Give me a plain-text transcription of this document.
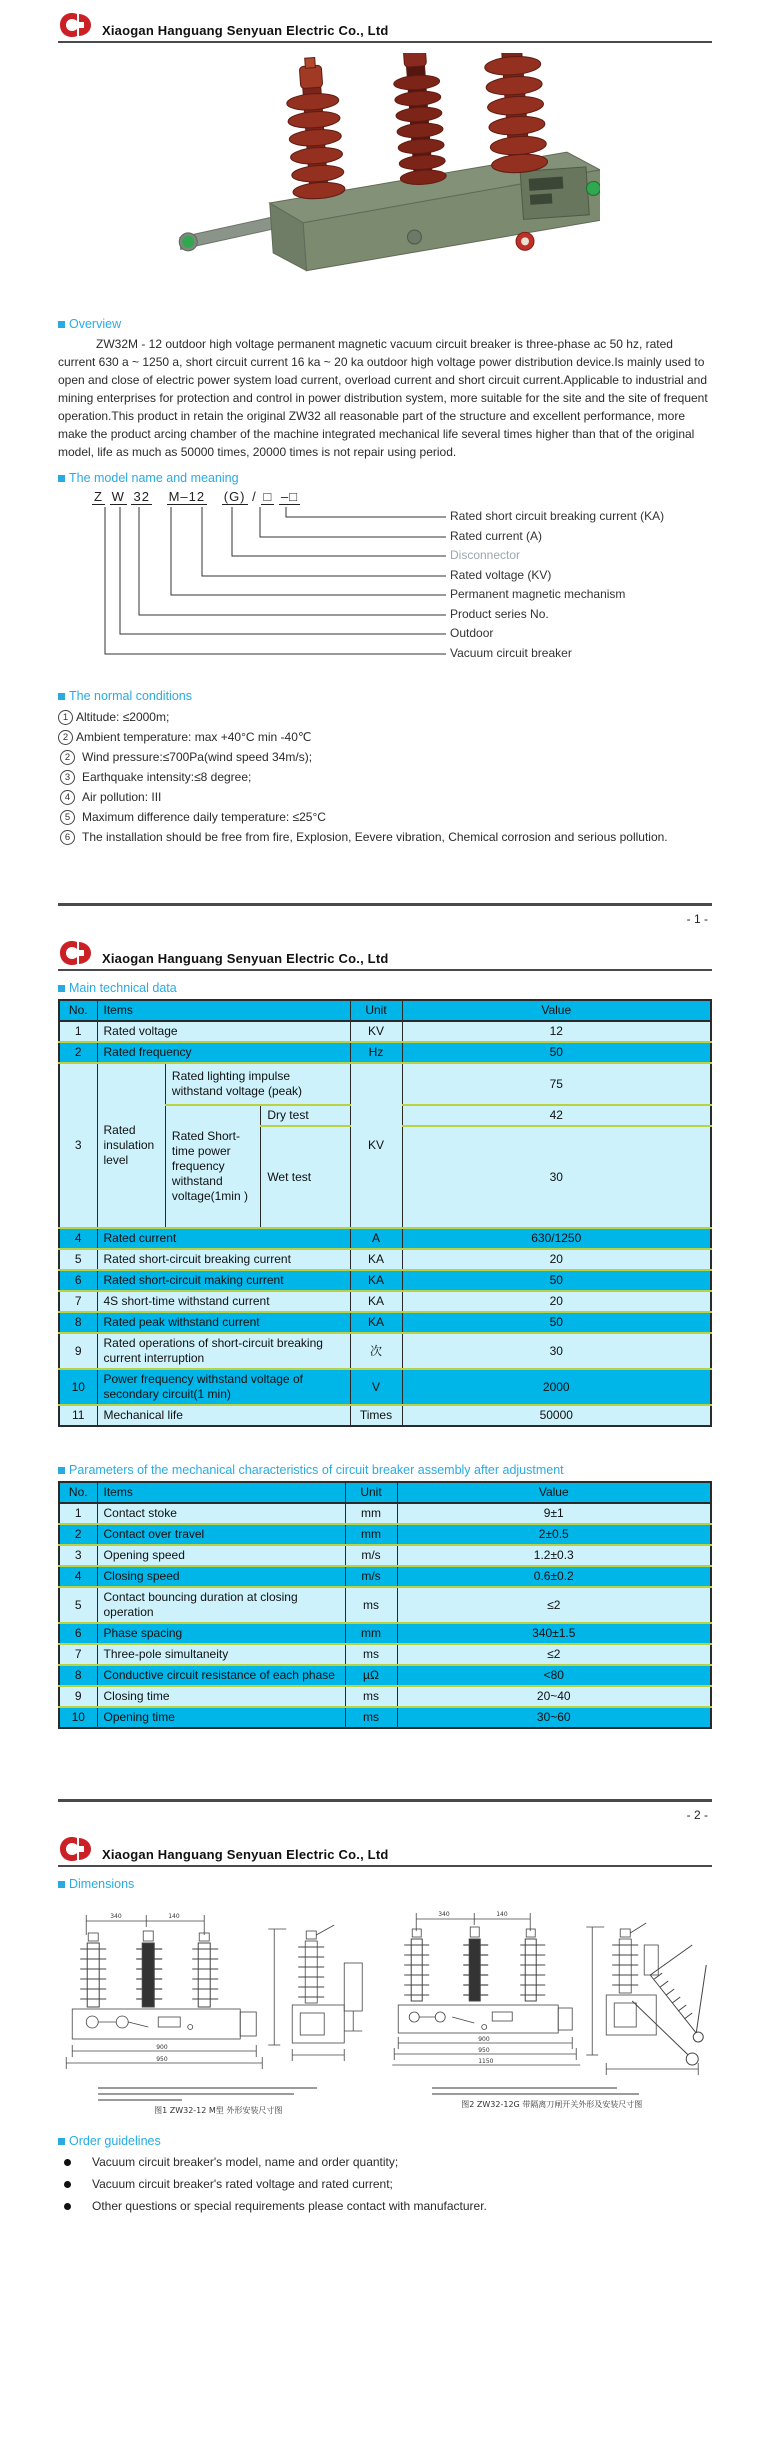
Xiaogan Hanguang Senyuan Electric Co., Ltd
Overview
ZW32M - 12 outdoor high voltage permanent magnetic vacuum circuit breaker is three-phase ac 50 hz, rated current 630 a ~ 1250 a, short circuit current 16 ka ~ 20 ka outdoor high voltage power distribution device.Is mainly used to open and close of electric power system load current, overload current and short circuit current.Applicable to industrial and mining enterprises for protection and control in power distribution system, more suitable for the site and the site of frequent operation.This product in retain the original ZW32 all reasonable part of the structure and excellent performance, more make the product arcing chamber of the machine integrated mechanical life several times higher than that of the original model, life as much as 50000 times, 20000 times is not repair using period.
The model name and meaning
Z W 32 M–12 (G) / □ –□
Rated short circuit breaking current (KA)
Rated current (A)
Disconnector
Rated voltage (KV)
Permanent magnetic mechanism
Product series No.
Outdoor
Vacuum circuit breaker
The normal conditions
1 Altitude: ≤2000m;
2 Ambient temperature: max +40°C min -40℃
2 Wind pressure:≤700Pa(wind speed 34m/s);
3 Earthquake intensity:≤8 degree;
4 Air pollution: III
5 Maximum difference daily temperature: ≤25°C
6 The installation should be free from fire, Explosion, Eevere vibration, Chemical corrosion and serious pollution.
- 1 -
Xiaogan Hanguang Senyuan Electric Co., Ltd
Main technical data
No.	Items			Unit	Value
1	Rated voltage			KV	12
2	Rated frequency			Hz	50
3	Rated insulation level	Rated lighting impulse withstand voltage (peak)		KV	75
		Rated Short-time power frequency withstand voltage(1min )	Dry test		42
			Wet test		30
4	Rated current			A	630/1250
5	Rated short-circuit breaking current			KA	20
6	Rated short-circuit making current			KA	50
7	4S short-time withstand current			KA	20
8	Rated peak withstand current			KA	50
9	Rated operations of short-circuit breaking current interruption			次	30
10	Power frequency withstand voltage of secondary circuit(1 min)			V	2000
11	Mechanical life			Times	50000
Parameters of the mechanical characteristics of circuit breaker assembly after adjustment
No.	Items	Unit	Value
1	Contact stoke	mm	9±1
2	Contact over travel	mm	2±0.5
3	Opening speed	m/s	1.2±0.3
4	Closing speed	m/s	0.6±0.2
5	Contact bouncing duration at closing operation	ms	≤2
6	Phase spacing	mm	340±1.5
7	Three-pole simultaneity	ms	≤2
8	Conductive circuit resistance of each phase	µΩ	<80
9	Closing time	ms	20~40
10	Opening time	ms	30~60
- 2 -
Xiaogan Hanguang Senyuan Electric Co., Ltd
Dimensions
340	140
900
950
图1 ZW32-12 M型 外形安装尺寸图
340	140
900
950
1150
图2 ZW32-12G 带隔离刀闸开关外形及安装尺寸图
Order guidelines
Vacuum circuit breaker's model, name and order quantity;
Vacuum circuit breaker's rated voltage and rated current;
Other questions or special requirements please contact with manufacturer.
